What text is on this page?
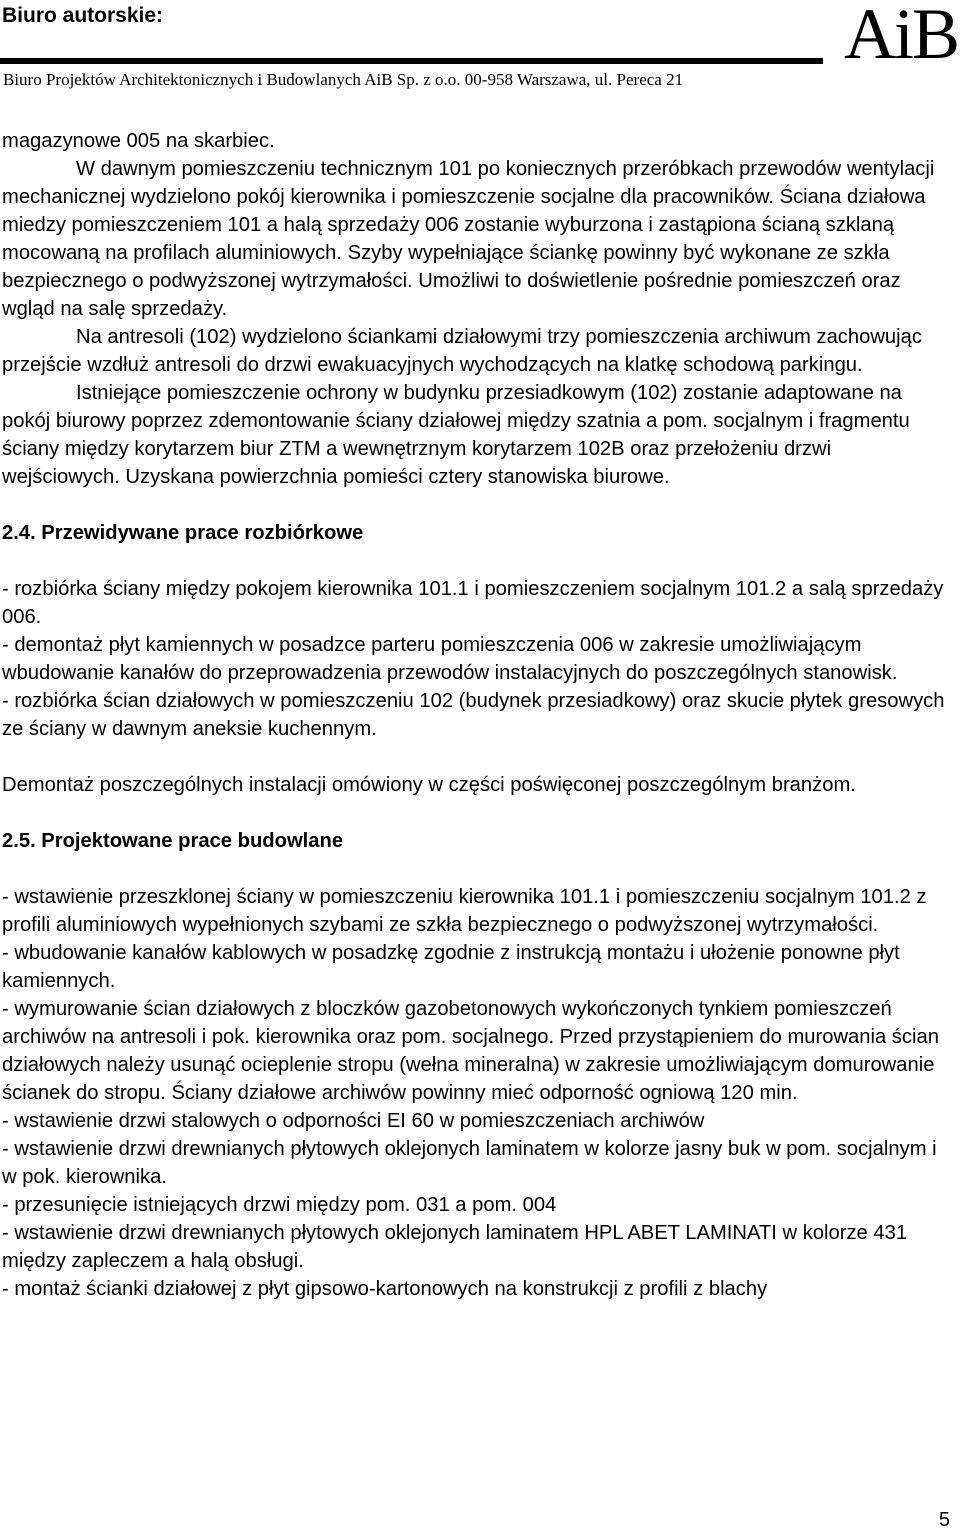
Biuro autorskie:	AiB
Biuro Projektów Architektonicznych i Budowlanych AiB Sp. z o.o. 00-958 Warszawa, ul. Pereca 21

magazynowe 005 na skarbiec.

W dawnym pomieszczeniu technicznym 101 po koniecznych przeróbkach przewodów wentylacji mechanicznej wydzielono pokój kierownika i pomieszczenie socjalne dla pracowników. Ściana działowa miedzy pomieszczeniem 101 a halą sprzedaży 006 zostanie wyburzona i zastąpiona ścianą szklaną mocowaną na profilach aluminiowych. Szyby wypełniające ściankę powinny być wykonane ze szkła bezpiecznego o podwyższonej wytrzymałości. Umożliwi to doświetlenie pośrednie pomieszczeń oraz wgląd na salę sprzedaży.

Na antresoli (102) wydzielono ściankami działowymi trzy pomieszczenia archiwum zachowując przejście wzdłuż antresoli do drzwi ewakuacyjnych wychodzących na klatkę schodową parkingu.

Istniejące pomieszczenie ochrony w budynku przesiadkowym (102) zostanie adaptowane na pokój biurowy poprzez zdemontowanie ściany działowej między szatnia a pom. socjalnym i fragmentu ściany między korytarzem biur ZTM a wewnętrznym korytarzem 102B oraz przełożeniu drzwi wejściowych. Uzyskana powierzchnia pomieści cztery stanowiska biurowe.

2.4. Przewidywane prace rozbiórkowe

- rozbiórka ściany między pokojem kierownika 101.1 i pomieszczeniem socjalnym 101.2 a salą sprzedaży 006.

- demontaż płyt kamiennych w posadzce parteru pomieszczenia 006 w zakresie umożliwiającym wbudowanie kanałów do przeprowadzenia przewodów instalacyjnych do poszczególnych stanowisk.

- rozbiórka ścian działowych w pomieszczeniu 102 (budynek przesiadkowy) oraz skucie płytek gresowych ze ściany w dawnym aneksie kuchennym.

Demontaż poszczególnych instalacji omówiony w części poświęconej poszczególnym branżom.

2.5. Projektowane prace budowlane

- wstawienie przeszklonej ściany w pomieszczeniu kierownika 101.1 i pomieszczeniu socjalnym 101.2 z profili aluminiowych wypełnionych szybami ze szkła bezpiecznego o podwyższonej wytrzymałości.

- wbudowanie kanałów kablowych w posadzkę zgodnie z instrukcją montażu i ułożenie ponowne płyt kamiennych.

- wymurowanie ścian działowych z bloczków gazobetonowych wykończonych tynkiem pomieszczeń archiwów na antresoli i pok. kierownika oraz pom. socjalnego. Przed przystąpieniem do murowania ścian działowych należy usunąć ocieplenie stropu (wełna mineralna) w zakresie umożliwiającym domurowanie ścianek do stropu. Ściany działowe archiwów powinny mieć odporność ogniową 120 min.

- wstawienie drzwi stalowych o odporności EI 60 w pomieszczeniach archiwów

- wstawienie drzwi drewnianych płytowych oklejonych laminatem w kolorze jasny buk w pom. socjalnym i w pok. kierownika.

- przesunięcie istniejących drzwi między pom. 031 a pom. 004

- wstawienie drzwi drewnianych płytowych oklejonych laminatem HPL ABET LAMINATI w kolorze 431 między zapleczem a halą obsługi.

- montaż ścianki działowej z płyt gipsowo-kartonowych na konstrukcji z profili z blachy

5
